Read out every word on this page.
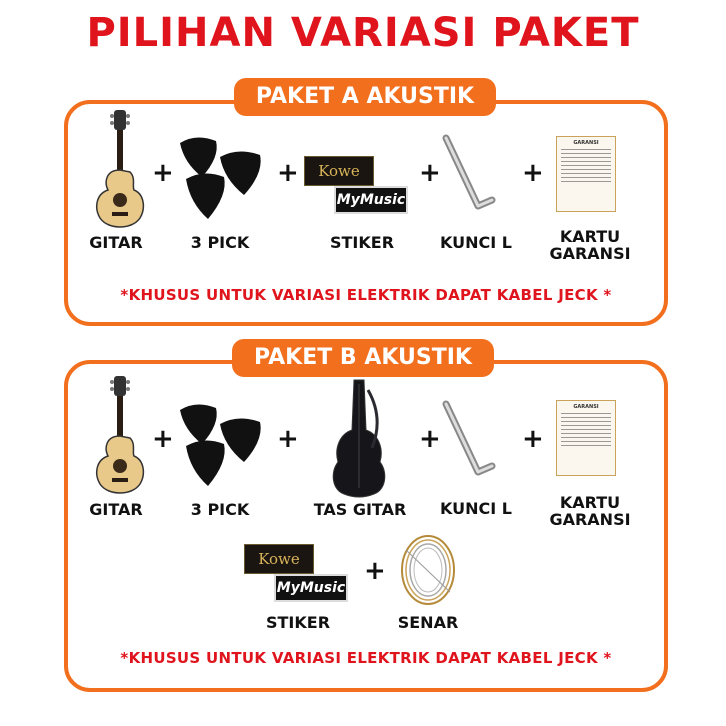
PILIHAN VARIASI PAKET
PAKET A AKUSTIK
GITAR
+
3 PICK
+	Kowe
MyMusic
STIKER
+
KUNCI L
+
GARANSI
KARTU
GARANSI
*KHUSUS UNTUK VARIASI ELEKTRIK DAPAT KABEL JECK *
PAKET B AKUSTIK
GITAR
+
3 PICK
+
TAS GITAR
+
KUNCI L
+
GARANSI
KARTU
GARANSI
Kowe
MyMusic
STIKER
+
SENAR
*KHUSUS UNTUK VARIASI ELEKTRIK DAPAT KABEL JECK *
